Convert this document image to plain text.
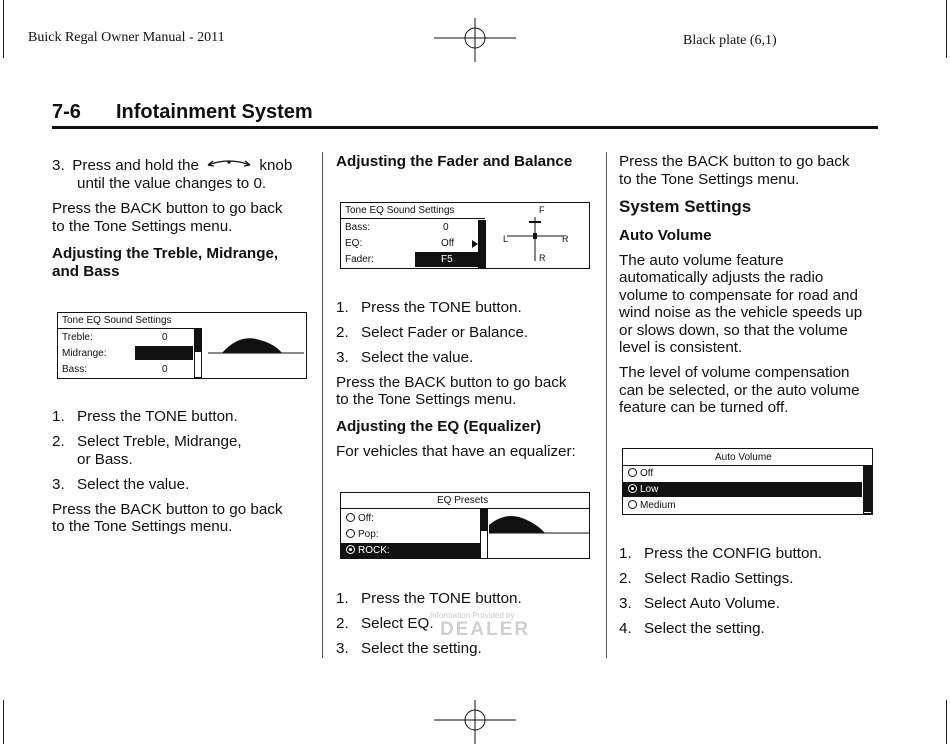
Buick Regal Owner Manual - 2011	Black plate (6,1)
7-6 Infotainment System
3. Press and hold the	knob
until the value changes to 0.
Press the BACK button to go back
to the Tone Settings menu.
Adjusting the Treble, Midrange,
and Bass
Tone EQ Sound Settings
Treble:	0
Midrange:
Bass:	0
1. Press the TONE button.
2. Select Treble, Midrange,
or Bass.
3. Select the value.
Press the BACK button to go back
to the Tone Settings menu.
Adjusting the Fader and Balance
Tone EQ Sound Settings
Bass:	0
EQ:	Off
Fader:	F5
F
L	R
R
1. Press the TONE button.
2. Select Fader or Balance.
3. Select the value.
Press the BACK button to go back
to the Tone Settings menu.
Adjusting the EQ (Equalizer)
For vehicles that have an equalizer:
EQ Presets
Off:
Pop:
ROCK:
1. Press the TONE button.
2. Select EQ.
3. Select the setting.
Information Provided by
DEALER
Press the BACK button to go back
to the Tone Settings menu.
System Settings
Auto Volume
The auto volume feature
automatically adjusts the radio
volume to compensate for road and
wind noise as the vehicle speeds up
or slows down, so that the volume
level is consistent.
The level of volume compensation
can be selected, or the auto volume
feature can be turned off.
Auto Volume
Off
Low
Medium
1. Press the CONFIG button.
2. Select Radio Settings.
3. Select Auto Volume.
4. Select the setting.
